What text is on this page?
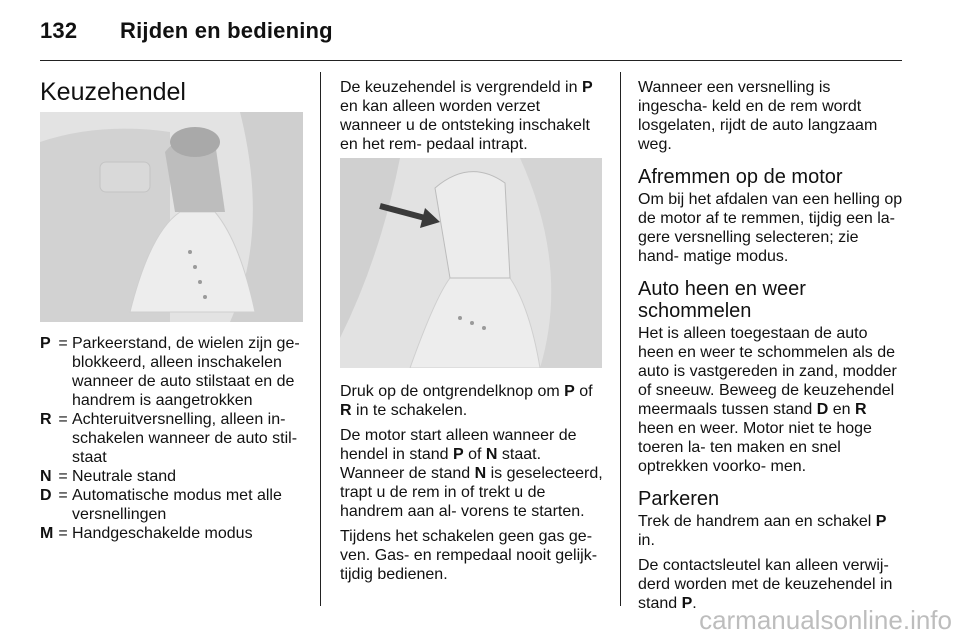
132 Rijden en bediening
Keuzehendel
P = Parkeerstand, de wielen zijn ge- blokkeerd, alleen inschakelen wanneer de auto stilstaat en de handrem is aangetrokken
R = Achteruitversnelling, alleen in- schakelen wanneer de auto stil- staat
N = Neutrale stand
D = Automatische modus met alle versnellingen
M = Handgeschakelde modus

De keuzehendel is vergrendeld in P en kan alleen worden verzet wanneer u de ontsteking inschakelt en het rem- pedaal intrapt.

Druk op de ontgrendelknop om P of R in te schakelen.

De motor start alleen wanneer de hendel in stand P of N staat. Wanneer de stand N is geselecteerd, trapt u de rem in of trekt u de handrem aan al- vorens te starten.

Tijdens het schakelen geen gas ge- ven. Gas- en rempedaal nooit gelijk- tijdig bedienen.

Wanneer een versnelling is ingescha- keld en de rem wordt losgelaten, rijdt de auto langzaam weg.

Afremmen op de motor

Om bij het afdalen van een helling op de motor af te remmen, tijdig een la- gere versnelling selecteren; zie hand- matige modus.

Auto heen en weer schommelen

Het is alleen toegestaan de auto heen en weer te schommelen als de auto is vastgereden in zand, modder of sneeuw. Beweeg de keuzehendel meermaals tussen stand D en R heen en weer. Motor niet te hoge toeren la- ten maken en snel optrekken voorko- men.

Parkeren

Trek de handrem aan en schakel P in.

De contactsleutel kan alleen verwij- derd worden met de keuzehendel in stand P.

carmanualsonline.info
